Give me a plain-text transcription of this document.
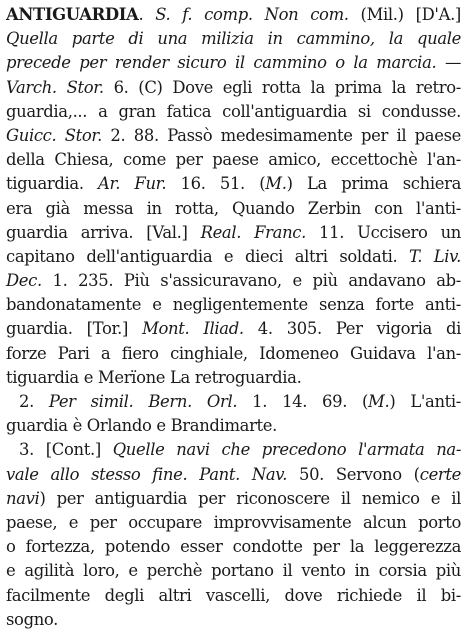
ANTIGUARDIA. S. f. comp. Non com. (Mil.) [D'A.]
Quella parte di una milizia in cammino, la quale
precede per render sicuro il cammino o la marcia. —
Varch. Stor. 6. (C) Dove egli rotta la prima la retro-
guardia,... a gran fatica coll'antiguardia si condusse.
Guicc. Stor. 2. 88. Passò medesimamente per il paese
della Chiesa, come per paese amico, eccettochè l'an-
tiguardia. Ar. Fur. 16. 51. (M.) La prima schiera
era già messa in rotta, Quando Zerbin con l'anti-
guardia arriva. [Val.] Real. Franc. 11. Uccisero un
capitano dell'antiguardia e dieci altri soldati. T. Liv.
Dec. 1. 235. Più s'assicuravano, e più andavano ab-
bandonatamente e negligentemente senza forte anti-
guardia. [Tor.] Mont. Iliad. 4. 305. Per vigoria di
forze Pari a fiero cinghiale, Idomeneo Guidava l'an-
tiguardia e Merïone La retroguardia.
2. Per simil. Bern. Orl. 1. 14. 69. (M.) L'anti-
guardia è Orlando e Brandimarte.
3. [Cont.] Quelle navi che precedono l'armata na-
vale allo stesso fine. Pant. Nav. 50. Servono (certe
navi) per antiguardia per riconoscere il nemico e il
paese, e per occupare improvvisamente alcun porto
o fortezza, potendo esser condotte per la leggerezza
e agilità loro, e perchè portano il vento in corsia più
facilmente degli altri vascelli, dove richiede il bi-
sogno.
